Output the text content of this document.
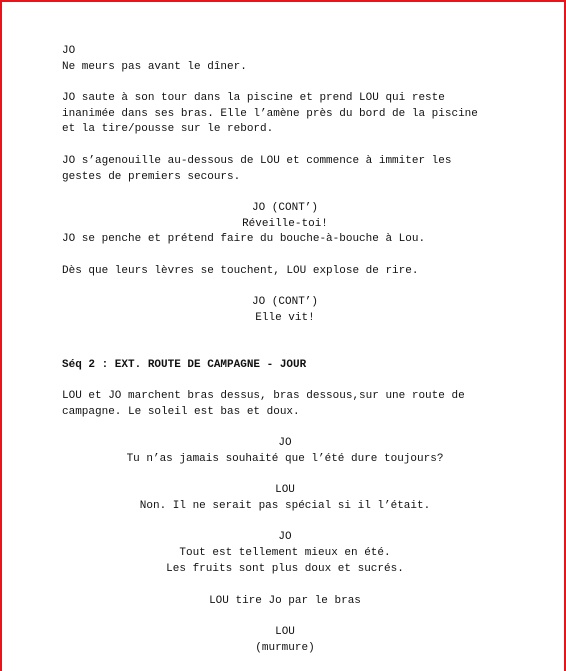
JO

Ne meurs pas avant le dîner.

JO saute à son tour dans la piscine et prend LOU qui reste

inanimée dans ses bras. Elle l’amène près du bord de la piscine

et la tire/pousse sur le rebord.

JO s’agenouille au-dessous de LOU et commence à immiter les

gestes de premiers secours.

JO (CONT’)

Réveille-toi!

JO se penche et prétend faire du bouche-à-bouche à Lou.

Dès que leurs lèvres se touchent, LOU explose de rire.

JO (CONT’)

Elle vit!

Séq 2 : EXT. ROUTE DE CAMPAGNE - JOUR

LOU et JO marchent bras dessus, bras dessous,sur une route de

campagne. Le soleil est bas et doux.

JO

Tu n’as jamais souhaité que l’été dure toujours?

LOU

Non. Il ne serait pas spécial si il l’était.

JO

Tout est tellement mieux en été.

Les fruits sont plus doux et sucrés.

LOU tire Jo par le bras

LOU

(murmure)
